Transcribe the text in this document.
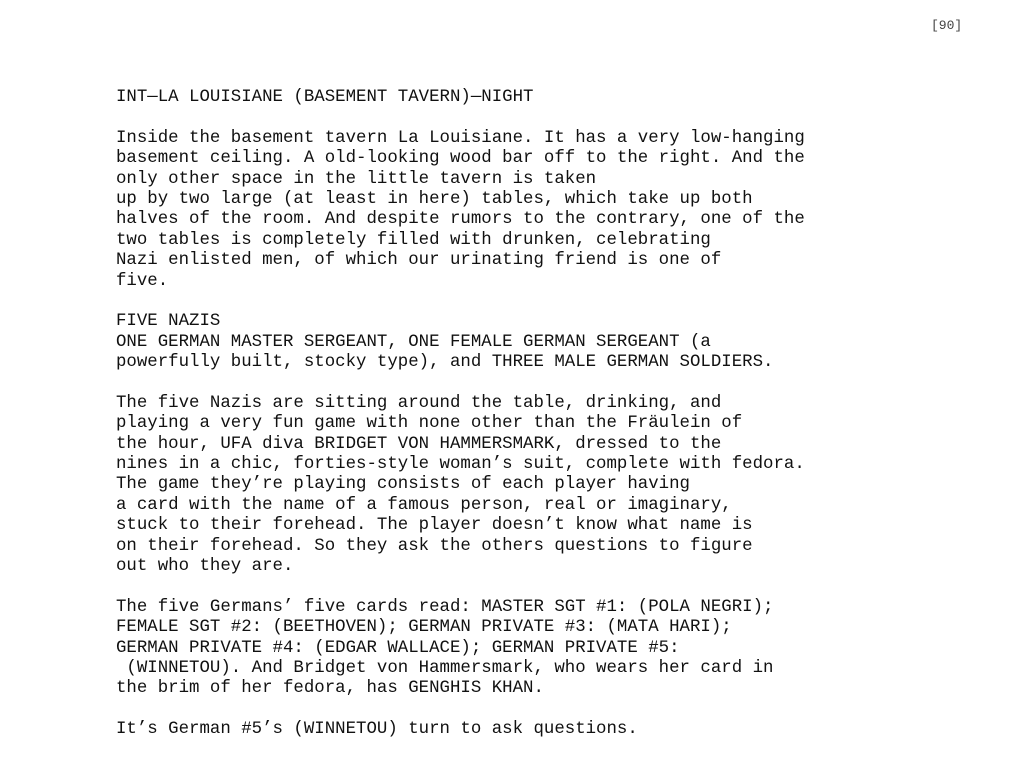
[90]
INT—LA LOUISIANE (BASEMENT TAVERN)—NIGHT
Inside the basement tavern La Louisiane. It has a very low-hanging
basement ceiling. A old-looking wood bar off to the right. And the
only other space in the little tavern is taken
up by two large (at least in here) tables, which take up both
halves of the room. And despite rumors to the contrary, one of the
two tables is completely filled with drunken, celebrating
Nazi enlisted men, of which our urinating friend is one of
five.
FIVE NAZIS
ONE GERMAN MASTER SERGEANT, ONE FEMALE GERMAN SERGEANT (a
powerfully built, stocky type), and THREE MALE GERMAN SOLDIERS.
The five Nazis are sitting around the table, drinking, and
playing a very fun game with none other than the Fräulein of
the hour, UFA diva BRIDGET VON HAMMERSMARK, dressed to the
nines in a chic, forties-style woman’s suit, complete with fedora.
The game they’re playing consists of each player having
a card with the name of a famous person, real or imaginary,
stuck to their forehead. The player doesn’t know what name is
on their forehead. So they ask the others questions to figure
out who they are.
The five Germans’ five cards read: MASTER SGT #1: (POLA NEGRI);
FEMALE SGT #2: (BEETHOVEN); GERMAN PRIVATE #3: (MATA HARI);
GERMAN PRIVATE #4: (EDGAR WALLACE); GERMAN PRIVATE #5:
(WINNETOU). And Bridget von Hammersmark, who wears her card in
the brim of her fedora, has GENGHIS KHAN.
It’s German #5’s (WINNETOU) turn to ask questions.
